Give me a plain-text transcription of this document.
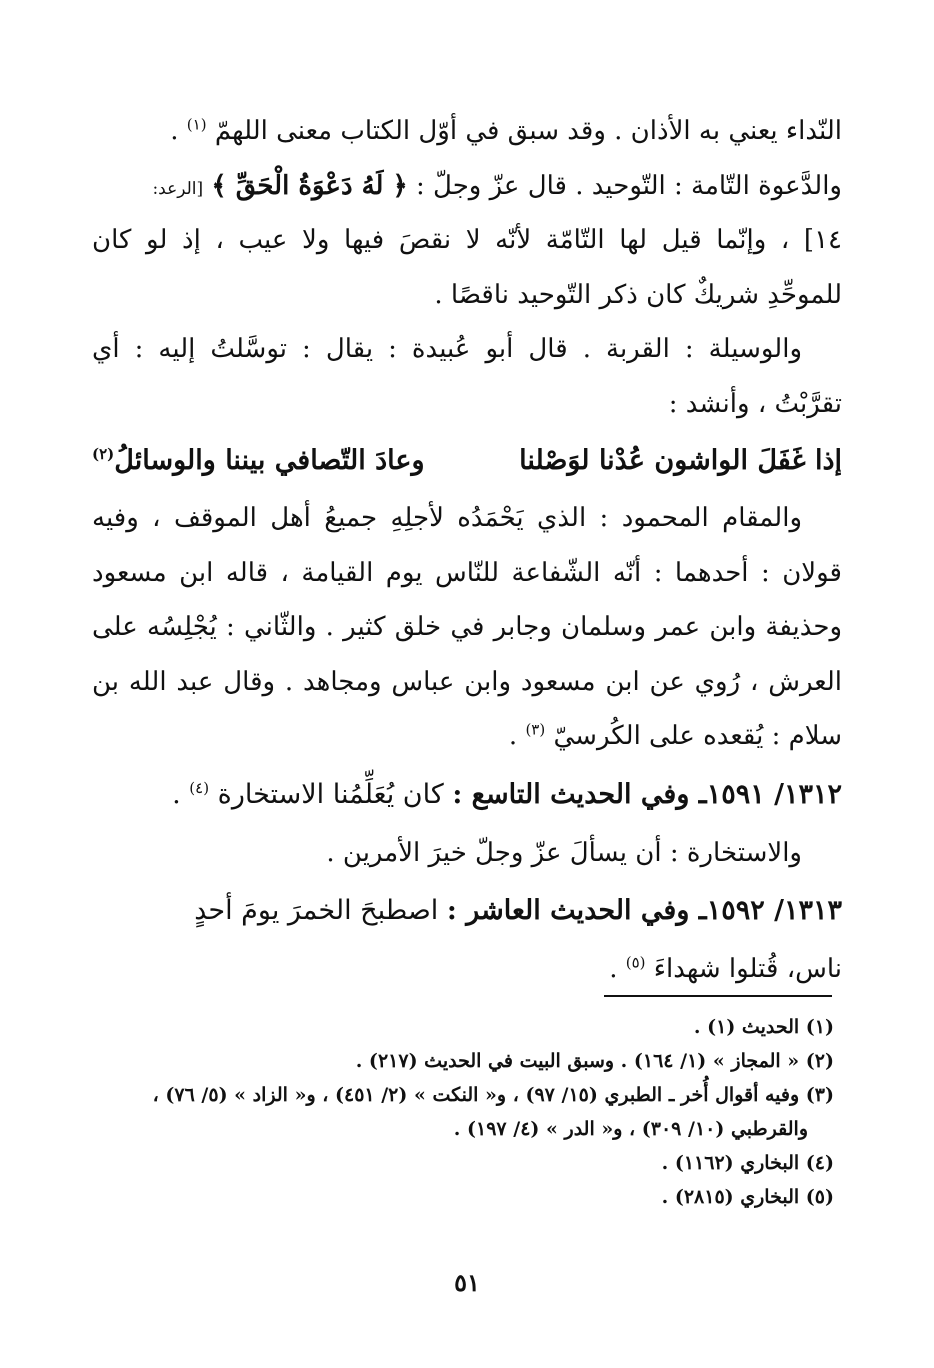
النّداء يعني به الأذان . وقد سبق في أوّل الكتاب معنى اللهمّ $^{(١)}$ .
والدَّعوة التّامة : التّوحيد . قال عزّ وجلّ : ﴿ لَهُ دَعْوَةُ الْحَقِّ ﴾ [الرعد:
١٤] ، وإنّما قيل لها التّامّة لأنّه لا نقصَ فيها ولا عيب ، إذ لو كان
للموحِّدِ شريكٌ كان ذكر التّوحيد ناقصًا .
والوسيلة : القربة . قال أبو عُبيدة : يقال : توسَّلتُ إليه : أي
تقرَّبْتُ ، وأنشد :
إذا غَفَلَ الواشون عُدْنا لوَصْلنا
وعادَ التّصافي بيننا والوسائلُ$^{(٢)}$
والمقام المحمود : الذي يَحْمَدُه لأجلِهِ جميعُ أهل الموقف ، وفيه
قولان : أحدهما : أنّه الشّفاعة للنّاس يوم القيامة ، قاله ابن مسعود
وحذيفة وابن عمر وسلمان وجابر في خلق كثير . والثّاني : يُجْلِسُه على
العرش ، رُوي عن ابن مسعود وابن عباس ومجاهد . وقال عبد الله بن
سلام : يُقعده على الكُرسيّ $^{(٣)}$ .
١٣١٢/ ١٥٩١ـ وفي الحديث التاسع : كان يُعَلِّمُنا الاستخارة $^{(٤)}$ .
والاستخارة : أن يسألَ عزّ وجلّ خيرَ الأمرين .
١٣١٣/ ١٥٩٢ـ وفي الحديث العاشر : اصطبحَ الخمرَ يومَ أحدٍ
ناس، قُتلوا شهداءَ $^{(٥)}$ .
(١) الحديث (١) .
(٢) « المجاز » (١/ ١٦٤) . وسبق البيت في الحديث (٢١٧) .
(٣) وفيه أقوال أُخر ـ الطبري (١٥/ ٩٧) ، و« النكت » (٢/ ٤٥١) ، و« الزاد » (٥/ ٧٦) ،
والقرطبي (١٠/ ٣٠٩) ، و« الدر » (٤/ ١٩٧) .
(٤) البخاري (١١٦٢) .
(٥) البخاري (٢٨١٥) .
٥١
